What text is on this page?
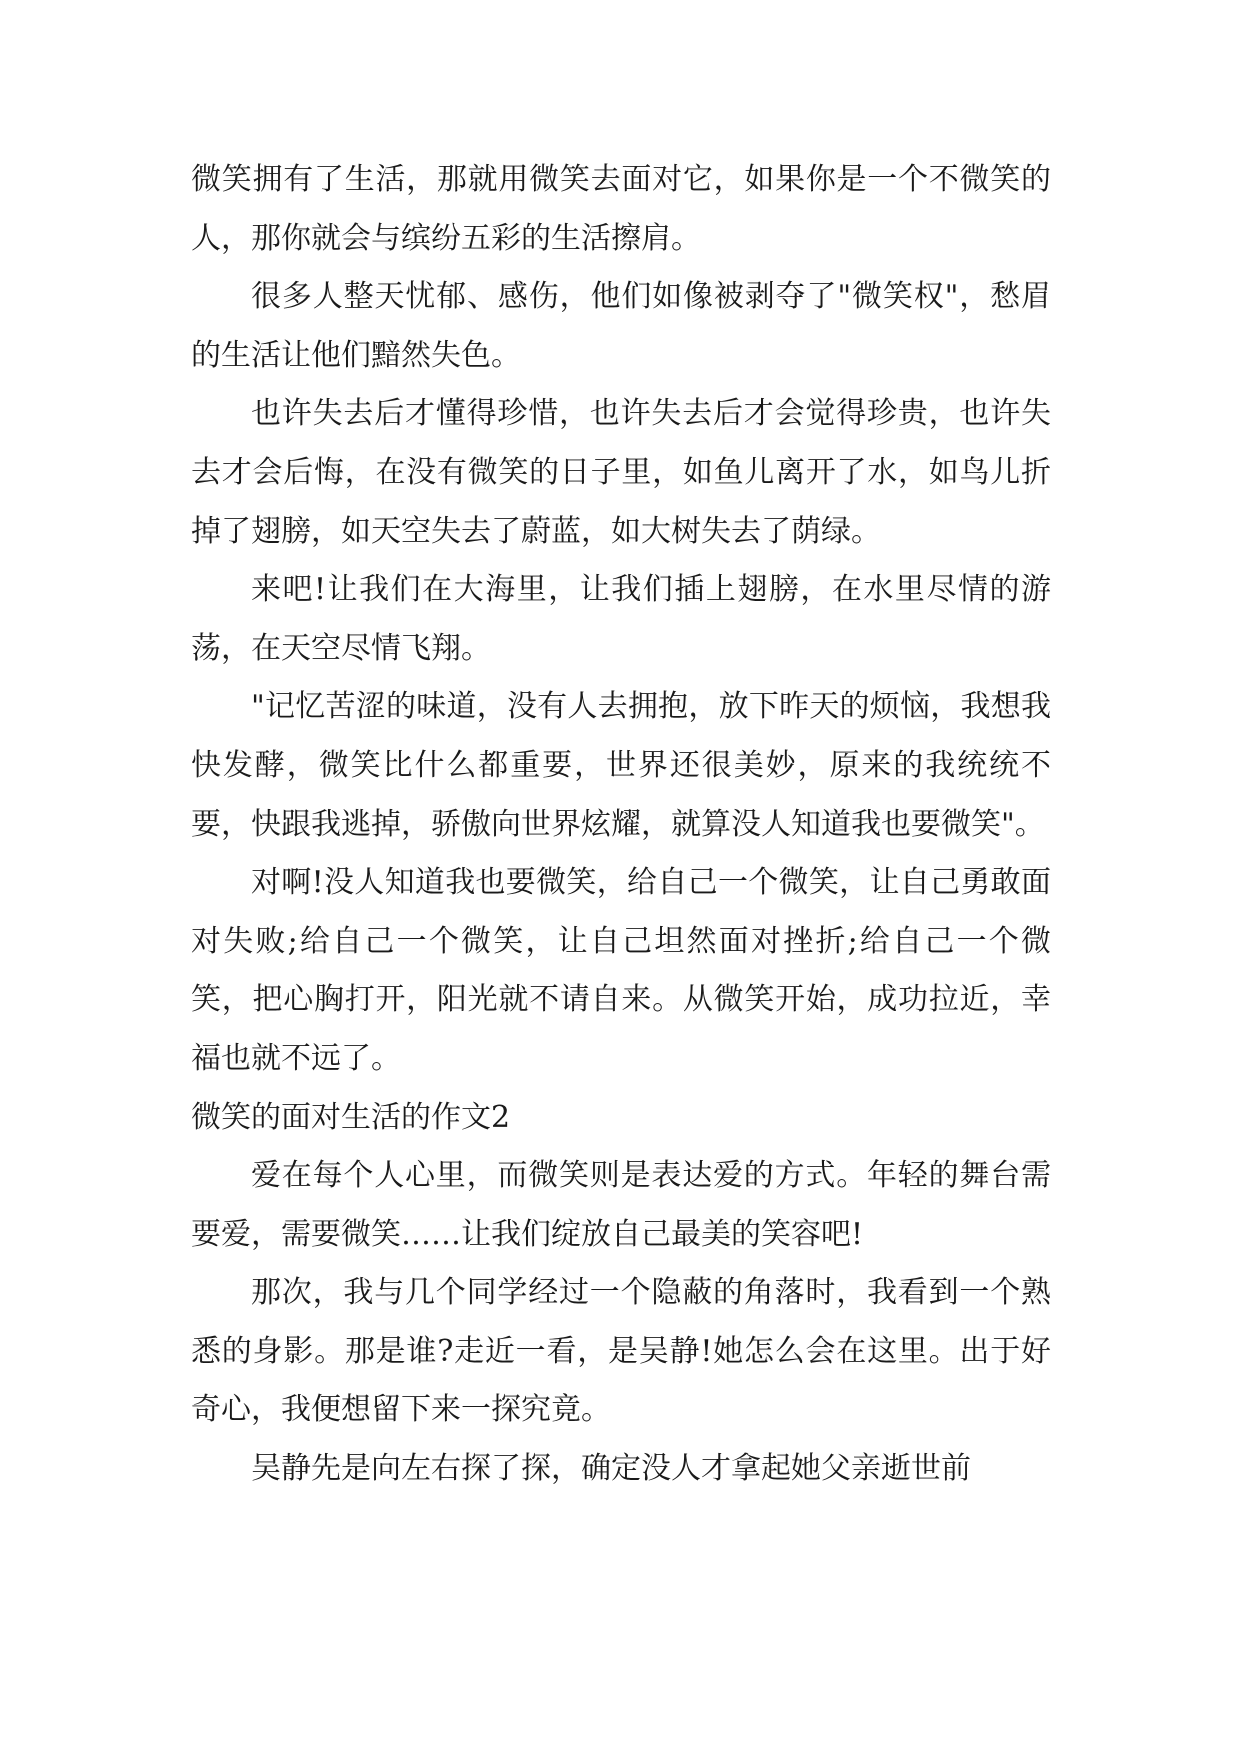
微笑拥有了生活，那就用微笑去面对它，如果你是一个不微笑的人，那你就会与缤纷五彩的生活擦肩。

很多人整天忧郁、感伤，他们如像被剥夺了"微笑权"，愁眉的生活让他们黯然失色。

也许失去后才懂得珍惜，也许失去后才会觉得珍贵，也许失去才会后悔，在没有微笑的日子里，如鱼儿离开了水，如鸟儿折掉了翅膀，如天空失去了蔚蓝，如大树失去了荫绿。

来吧!让我们在大海里，让我们插上翅膀，在水里尽情的游荡，在天空尽情飞翔。

"记忆苦涩的味道，没有人去拥抱，放下昨天的烦恼，我想我快发酵，微笑比什么都重要，世界还很美妙，原来的我统统不要，快跟我逃掉，骄傲向世界炫耀，就算没人知道我也要微笑"。

对啊!没人知道我也要微笑，给自己一个微笑，让自己勇敢面对失败;给自己一个微笑，让自己坦然面对挫折;给自己一个微笑，把心胸打开，阳光就不请自来。从微笑开始，成功拉近，幸福也就不远了。

微笑的面对生活的作文2

爱在每个人心里，而微笑则是表达爱的方式。年轻的舞台需要爱，需要微笑……让我们绽放自己最美的笑容吧!

那次，我与几个同学经过一个隐蔽的角落时，我看到一个熟悉的身影。那是谁?走近一看，是吴静!她怎么会在这里。出于好奇心，我便想留下来一探究竟。

吴静先是向左右探了探，确定没人才拿起她父亲逝世前
